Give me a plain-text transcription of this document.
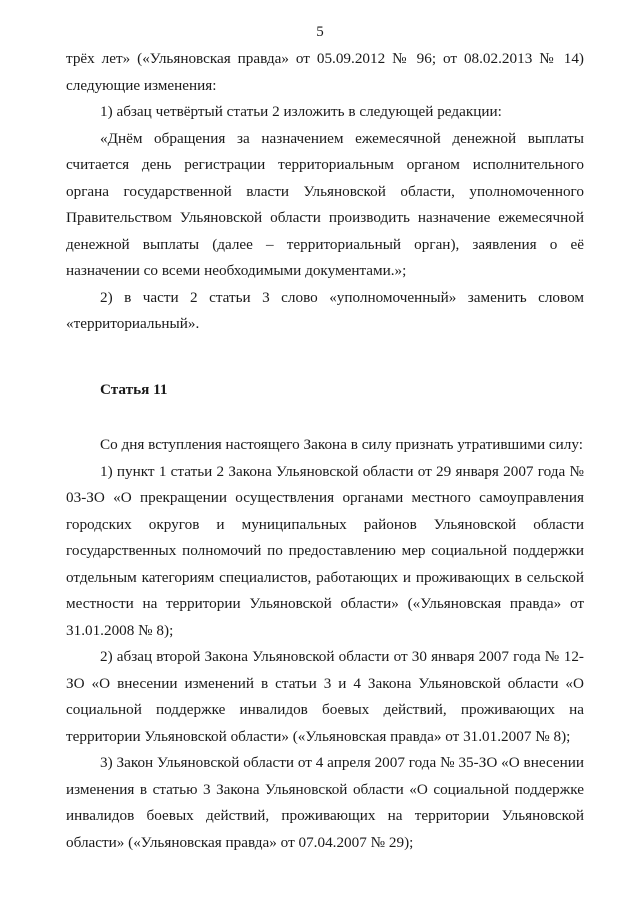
5

трёх лет» («Ульяновская правда» от 05.09.2012 № 96; от 08.02.2013 № 14) следующие изменения:

1) абзац четвёртый статьи 2 изложить в следующей редакции:

«Днём обращения за назначением ежемесячной денежной выплаты считается день регистрации территориальным органом исполнительного органа государственной власти Ульяновской области, уполномоченного Правительством Ульяновской области производить назначение ежемесячной денежной выплаты (далее – территориальный орган), заявления о её назначении со всеми необходимыми документами.»;

2) в части 2 статьи 3 слово «уполномоченный» заменить словом «территориальный».

Статья 11

Со дня вступления настоящего Закона в силу признать утратившими силу:

1) пункт 1 статьи 2 Закона Ульяновской области от 29 января 2007 года № 03-ЗО «О прекращении осуществления органами местного самоуправления городских округов и муниципальных районов Ульяновской области государственных полномочий по предоставлению мер социальной поддержки отдельным категориям специалистов, работающих и проживающих в сельской местности на территории Ульяновской области» («Ульяновская правда» от 31.01.2008 № 8);

2) абзац второй Закона Ульяновской области от 30 января 2007 года № 12-ЗО «О внесении изменений в статьи 3 и 4 Закона Ульяновской области «О социальной поддержке инвалидов боевых действий, проживающих на территории Ульяновской области» («Ульяновская правда» от 31.01.2007 № 8);

3) Закон Ульяновской области от 4 апреля 2007 года № 35-ЗО «О внесении изменения в статью 3 Закона Ульяновской области «О социальной поддержке инвалидов боевых действий, проживающих на территории Ульяновской области» («Ульяновская правда» от 07.04.2007 № 29);
